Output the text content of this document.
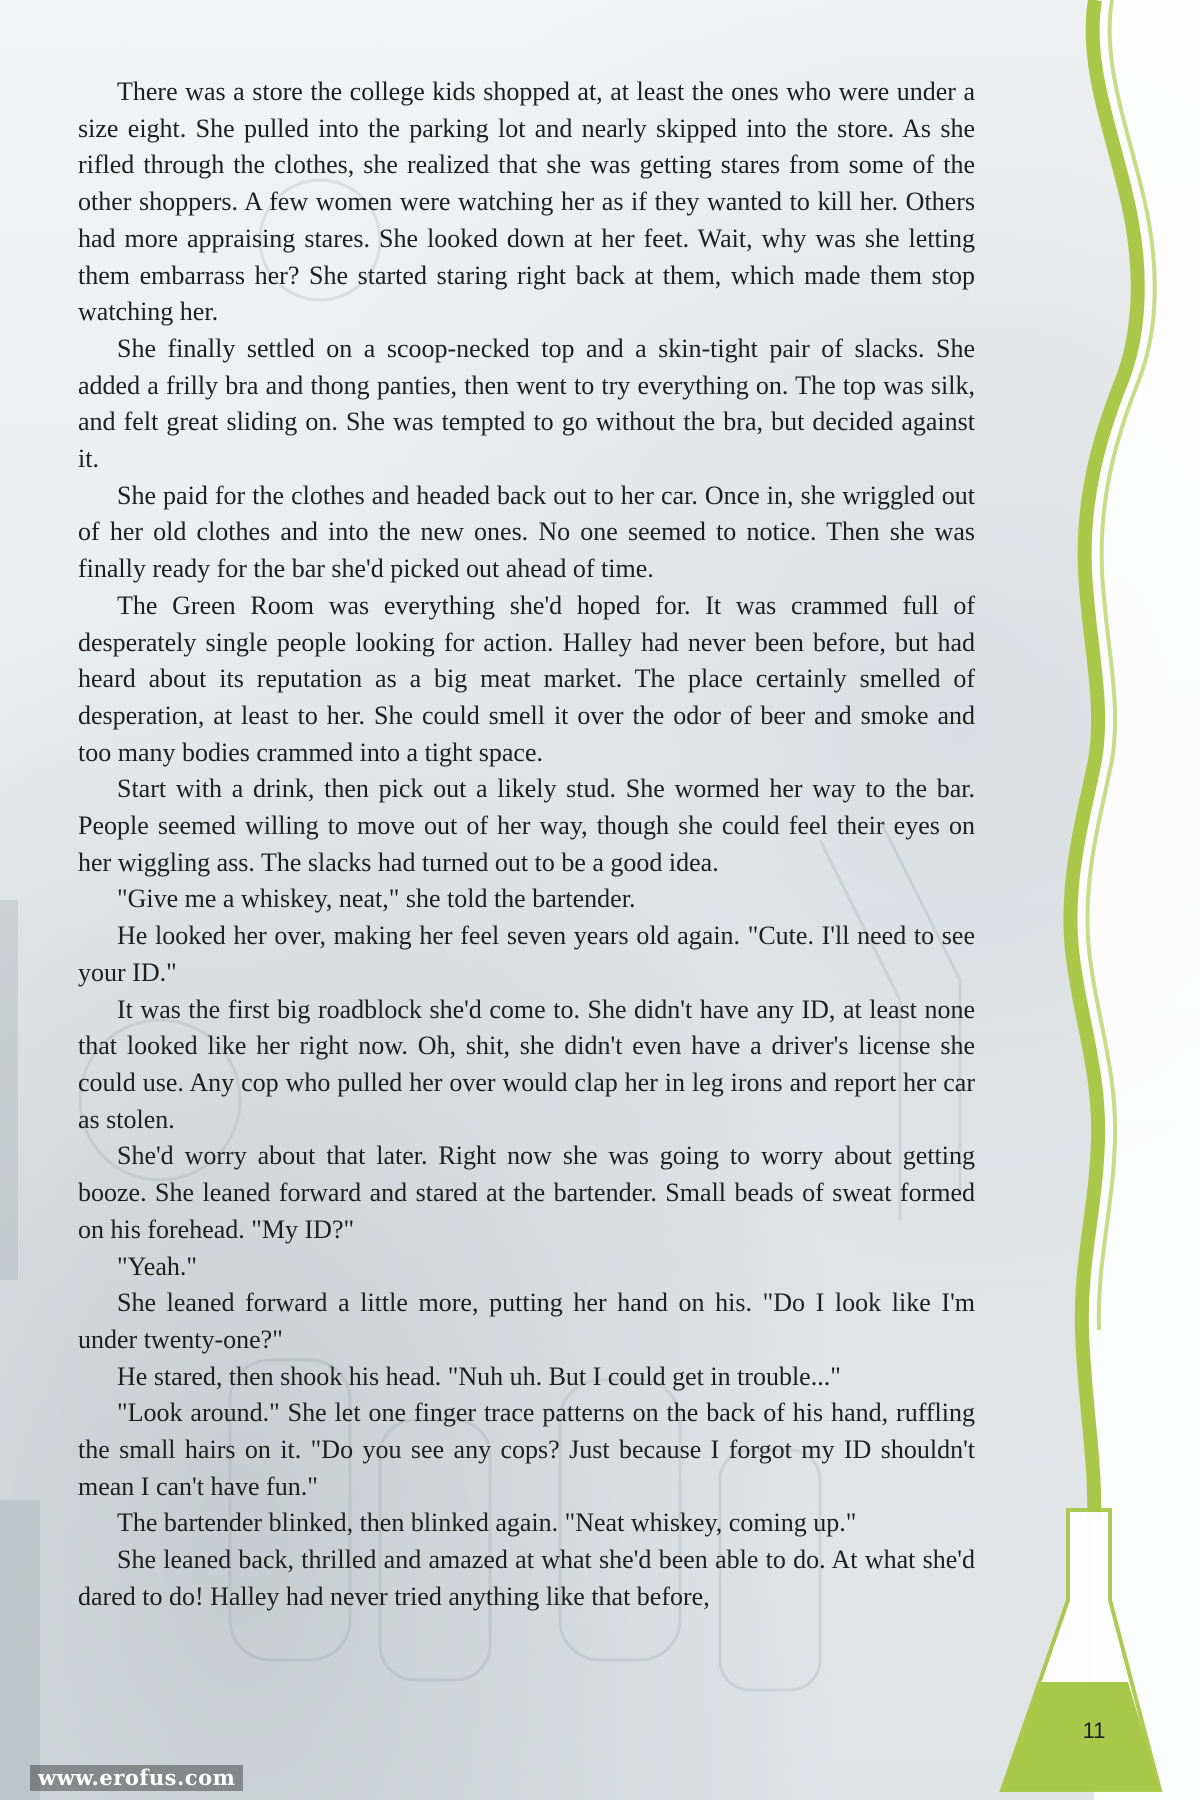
There was a store the college kids shopped at, at least the ones who were under a size eight. She pulled into the parking lot and nearly skipped into the store. As she rifled through the clothes, she realized that she was getting stares from some of the other shoppers. A few women were watching her as if they wanted to kill her. Others had more appraising stares. She looked down at her feet. Wait, why was she letting them embarrass her? She started staring right back at them, which made them stop watching her.

She finally settled on a scoop-necked top and a skin-tight pair of slacks. She added a frilly bra and thong panties, then went to try everything on. The top was silk, and felt great sliding on. She was tempted to go without the bra, but decided against it.

She paid for the clothes and headed back out to her car. Once in, she wriggled out of her old clothes and into the new ones. No one seemed to notice. Then she was finally ready for the bar she'd picked out ahead of time.

The Green Room was everything she'd hoped for. It was crammed full of desperately single people looking for action. Halley had never been before, but had heard about its reputation as a big meat market. The place certainly smelled of desperation, at least to her. She could smell it over the odor of beer and smoke and too many bodies crammed into a tight space.

Start with a drink, then pick out a likely stud. She wormed her way to the bar. People seemed willing to move out of her way, though she could feel their eyes on her wiggling ass. The slacks had turned out to be a good idea.

"Give me a whiskey, neat," she told the bartender.

He looked her over, making her feel seven years old again. "Cute. I'll need to see your ID."

It was the first big roadblock she'd come to. She didn't have any ID, at least none that looked like her right now. Oh, shit, she didn't even have a driver's license she could use. Any cop who pulled her over would clap her in leg irons and report her car as stolen.

She'd worry about that later. Right now she was going to worry about getting booze. She leaned forward and stared at the bartender. Small beads of sweat formed on his forehead. "My ID?"

"Yeah."

She leaned forward a little more, putting her hand on his. "Do I look like I'm under twenty-one?"

He stared, then shook his head. "Nuh uh. But I could get in trouble..."

"Look around." She let one finger trace patterns on the back of his hand, ruffling the small hairs on it. "Do you see any cops? Just because I forgot my ID shouldn't mean I can't have fun."

The bartender blinked, then blinked again. "Neat whiskey, coming up."

She leaned back, thrilled and amazed at what she'd been able to do. At what she'd dared to do! Halley had never tried anything like that before,

11
www.erofus.com
